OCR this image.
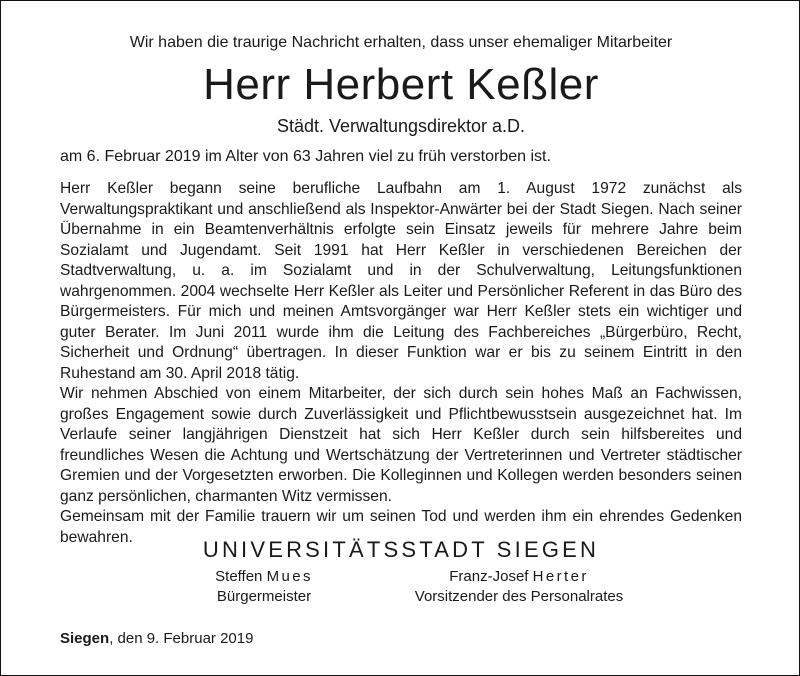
Wir haben die traurige Nachricht erhalten, dass unser ehemaliger Mitarbeiter
Herr Herbert Keßler
Städt. Verwaltungsdirektor a.D.
am 6. Februar 2019 im Alter von 63 Jahren viel zu früh verstorben ist.

Herr Keßler begann seine berufliche Laufbahn am 1. August 1972 zunächst als Verwaltungspraktikant und anschließend als Inspektor-Anwärter bei der Stadt Siegen. Nach seiner Übernahme in ein Beamtenverhältnis erfolgte sein Einsatz jeweils für mehrere Jahre beim Sozialamt und Jugendamt. Seit 1991 hat Herr Keßler in verschiedenen Bereichen der Stadtverwaltung, u. a. im Sozialamt und in der Schulverwaltung, Leitungsfunktionen wahrgenommen. 2004 wechselte Herr Keßler als Leiter und Persönlicher Referent in das Büro des Bürgermeisters. Für mich und meinen Amtsvorgänger war Herr Keßler stets ein wichtiger und guter Berater. Im Juni 2011 wurde ihm die Leitung des Fachbereiches „Bürgerbüro, Recht, Sicherheit und Ordnung“ übertragen. In dieser Funktion war er bis zu seinem Eintritt in den Ruhestand am 30. April 2018 tätig.

Wir nehmen Abschied von einem Mitarbeiter, der sich durch sein hohes Maß an Fachwissen, großes Engagement sowie durch Zuverlässigkeit und Pflichtbewusstsein ausgezeichnet hat. Im Verlaufe seiner langjährigen Dienstzeit hat sich Herr Keßler durch sein hilfsbereites und freundliches Wesen die Achtung und Wertschätzung der Vertreterinnen und Vertreter städtischer Gremien und der Vorgesetzten erworben. Die Kolleginnen und Kollegen werden besonders seinen ganz persönlichen, charmanten Witz vermissen.

Gemeinsam mit der Familie trauern wir um seinen Tod und werden ihm ein ehrendes Gedenken bewahren.	UNIVERSITÄTSSTADT SIEGEN
Steffen Mues
Bürgermeister
Franz-Josef Herter
Vorsitzender des Personalrates
Siegen, den 9. Februar 2019
